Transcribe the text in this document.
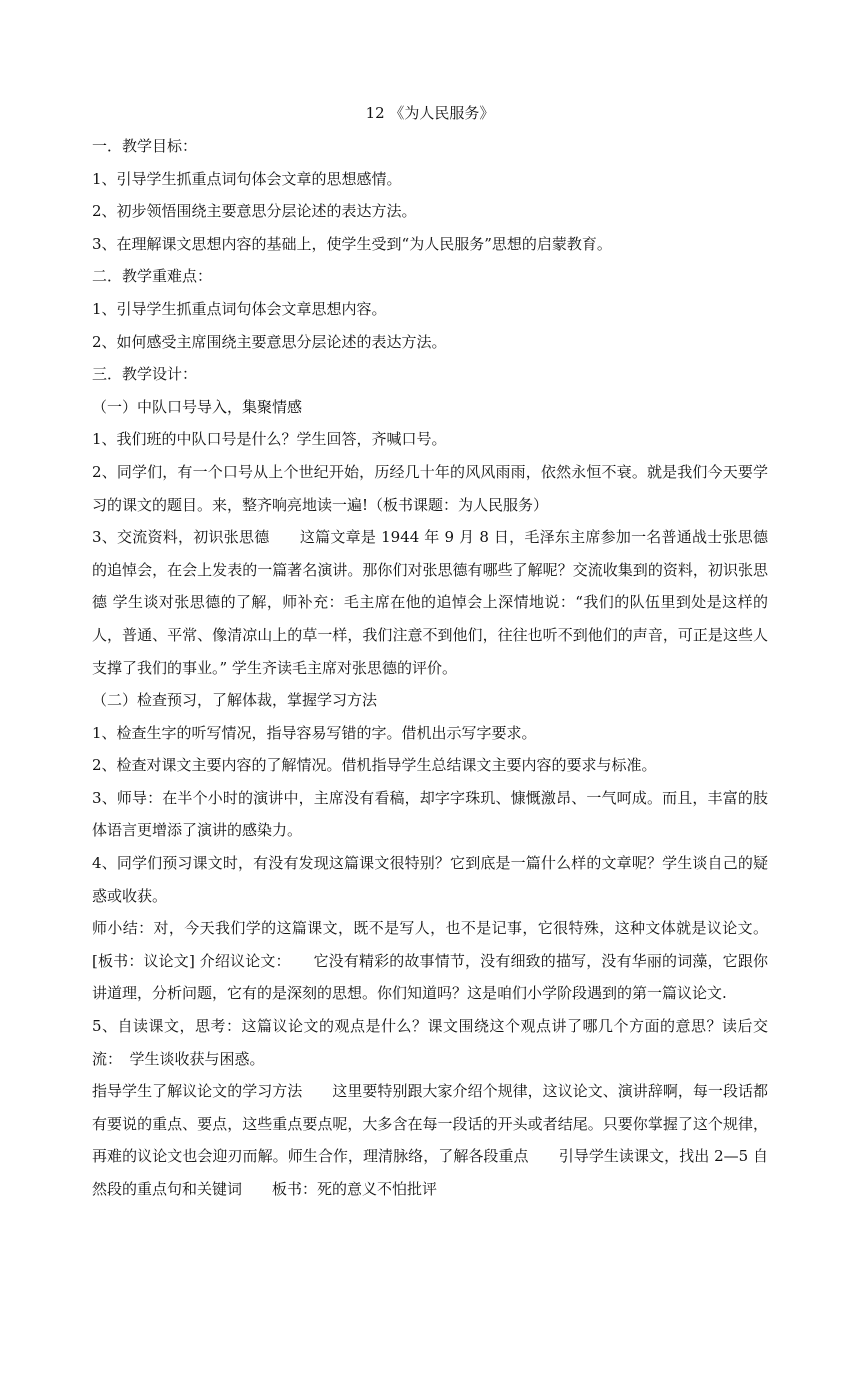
12 《为人民服务》

一．教学目标：

1、引导学生抓重点词句体会文章的思想感情。

2、初步领悟围绕主要意思分层论述的表达方法。

3、在理解课文思想内容的基础上，使学生受到“为人民服务”思想的启蒙教育。

二．教学重难点：

1、引导学生抓重点词句体会文章思想内容。

2、如何感受主席围绕主要意思分层论述的表达方法。

三．教学设计：

（一）中队口号导入，集聚情感

1、我们班的中队口号是什么？学生回答，齐喊口号。

2、同学们，有一个口号从上个世纪开始，历经几十年的风风雨雨，依然永恒不衰。就是我们今天要学习的课文的题目。来，整齐响亮地读一遍!（板书课题：为人民服务）

3、交流资料，初识张思德　　这篇文章是 1944 年 9 月 8 日，毛泽东主席参加一名普通战士张思德的追悼会，在会上发表的一篇著名演讲。那你们对张思德有哪些了解呢？交流收集到的资料，初识张思德 学生谈对张思德的了解，师补充：毛主席在他的追悼会上深情地说：“我们的队伍里到处是这样的人，普通、平常、像清凉山上的草一样，我们注意不到他们，往往也听不到他们的声音，可正是这些人支撑了我们的事业。” 学生齐读毛主席对张思德的评价。

（二）检查预习，了解体裁，掌握学习方法

1、检查生字的听写情况，指导容易写错的字。借机出示写字要求。

2、检查对课文主要内容的了解情况。借机指导学生总结课文主要内容的要求与标准。

3、师导：在半个小时的演讲中，主席没有看稿，却字字珠玑、慷慨激昂、一气呵成。而且，丰富的肢体语言更增添了演讲的感染力。

4、同学们预习课文时，有没有发现这篇课文很特别？它到底是一篇什么样的文章呢？学生谈自己的疑惑或收获。

师小结：对，今天我们学的这篇课文，既不是写人，也不是记事，它很特殊，这种文体就是议论文。[板书：议论文] 介绍议论文：　　它没有精彩的故事情节，没有细致的描写，没有华丽的词藻，它跟你讲道理，分析问题，它有的是深刻的思想。你们知道吗？这是咱们小学阶段遇到的第一篇议论文.

5、自读课文，思考：这篇议论文的观点是什么？课文围绕这个观点讲了哪几个方面的意思？读后交流：　学生谈收获与困惑。

指导学生了解议论文的学习方法　　这里要特别跟大家介绍个规律，这议论文、演讲辞啊，每一段话都有要说的重点、要点，这些重点要点呢，大多含在每一段话的开头或者结尾。只要你掌握了这个规律，再难的议论文也会迎刃而解。师生合作，理清脉络，了解各段重点　　引导学生读课文，找出 2—5 自然段的重点句和关键词　　板书：死的意义不怕批评
